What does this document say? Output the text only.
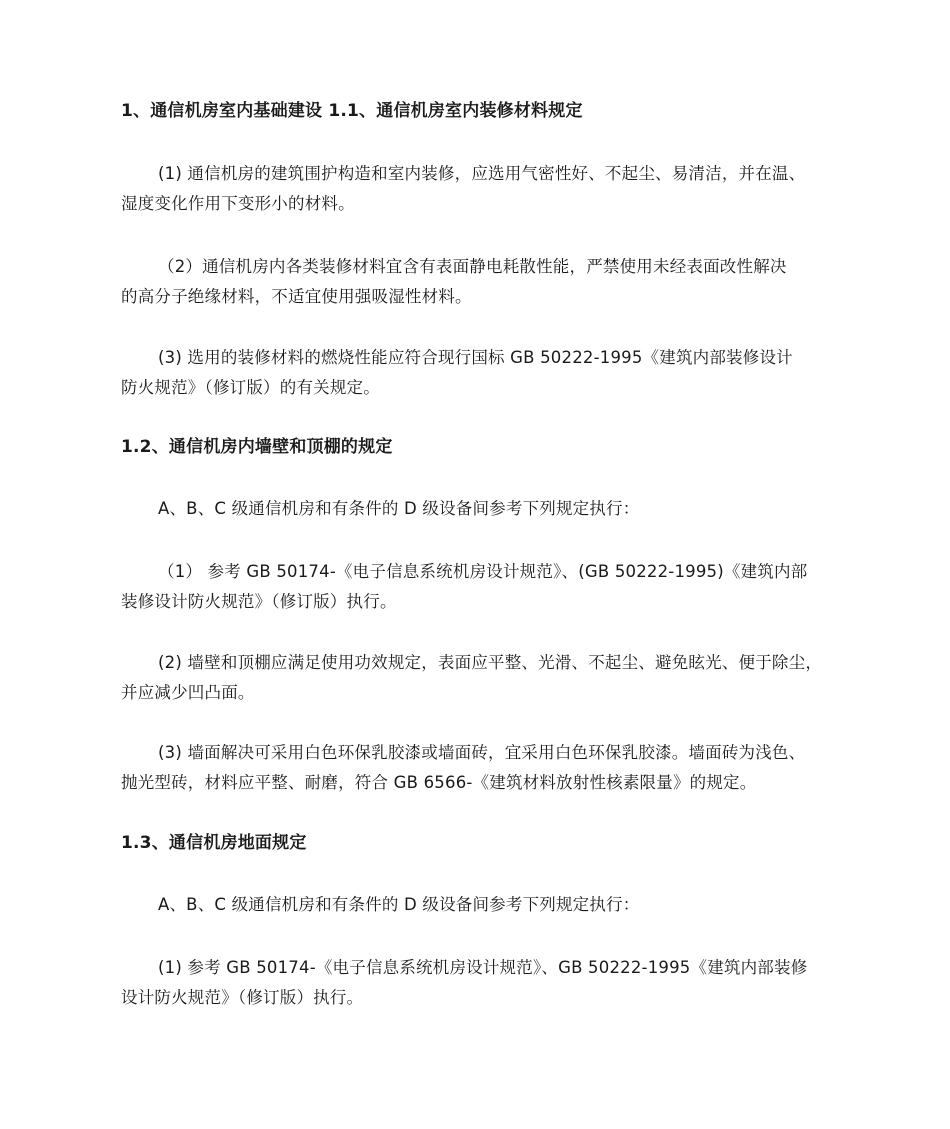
1、通信机房室内基础建设 1.1、通信机房室内装修材料规定
(1) 通信机房的建筑围护构造和室内装修，应选用气密性好、不起尘、易清洁，并在温、
湿度变化作用下变形小的材料。
（2）通信机房内各类装修材料宜含有表面静电耗散性能，严禁使用未经表面改性解决
的高分子绝缘材料，不适宜使用强吸湿性材料。
(3) 选用的装修材料的燃烧性能应符合现行国标 GB 50222-1995《建筑内部装修设计
防火规范》（修订版）的有关规定。
1.2、通信机房内墙壁和顶棚的规定
A、B、C 级通信机房和有条件的 D 级设备间参考下列规定执行：
（1） 参考 GB 50174-《电子信息系统机房设计规范》、(GB 50222-1995)《建筑内部
装修设计防火规范》（修订版）执行。
(2) 墙壁和顶棚应满足使用功效规定，表面应平整、光滑、不起尘、避免眩光、便于除尘，
并应减少凹凸面。
(3) 墙面解决可采用白色环保乳胶漆或墙面砖，宜采用白色环保乳胶漆。墙面砖为浅色、
抛光型砖，材料应平整、耐磨，符合 GB 6566-《建筑材料放射性核素限量》的规定。
1.3、通信机房地面规定
A、B、C 级通信机房和有条件的 D 级设备间参考下列规定执行：
(1) 参考 GB 50174-《电子信息系统机房设计规范》、GB 50222-1995《建筑内部装修
设计防火规范》（修订版）执行。
